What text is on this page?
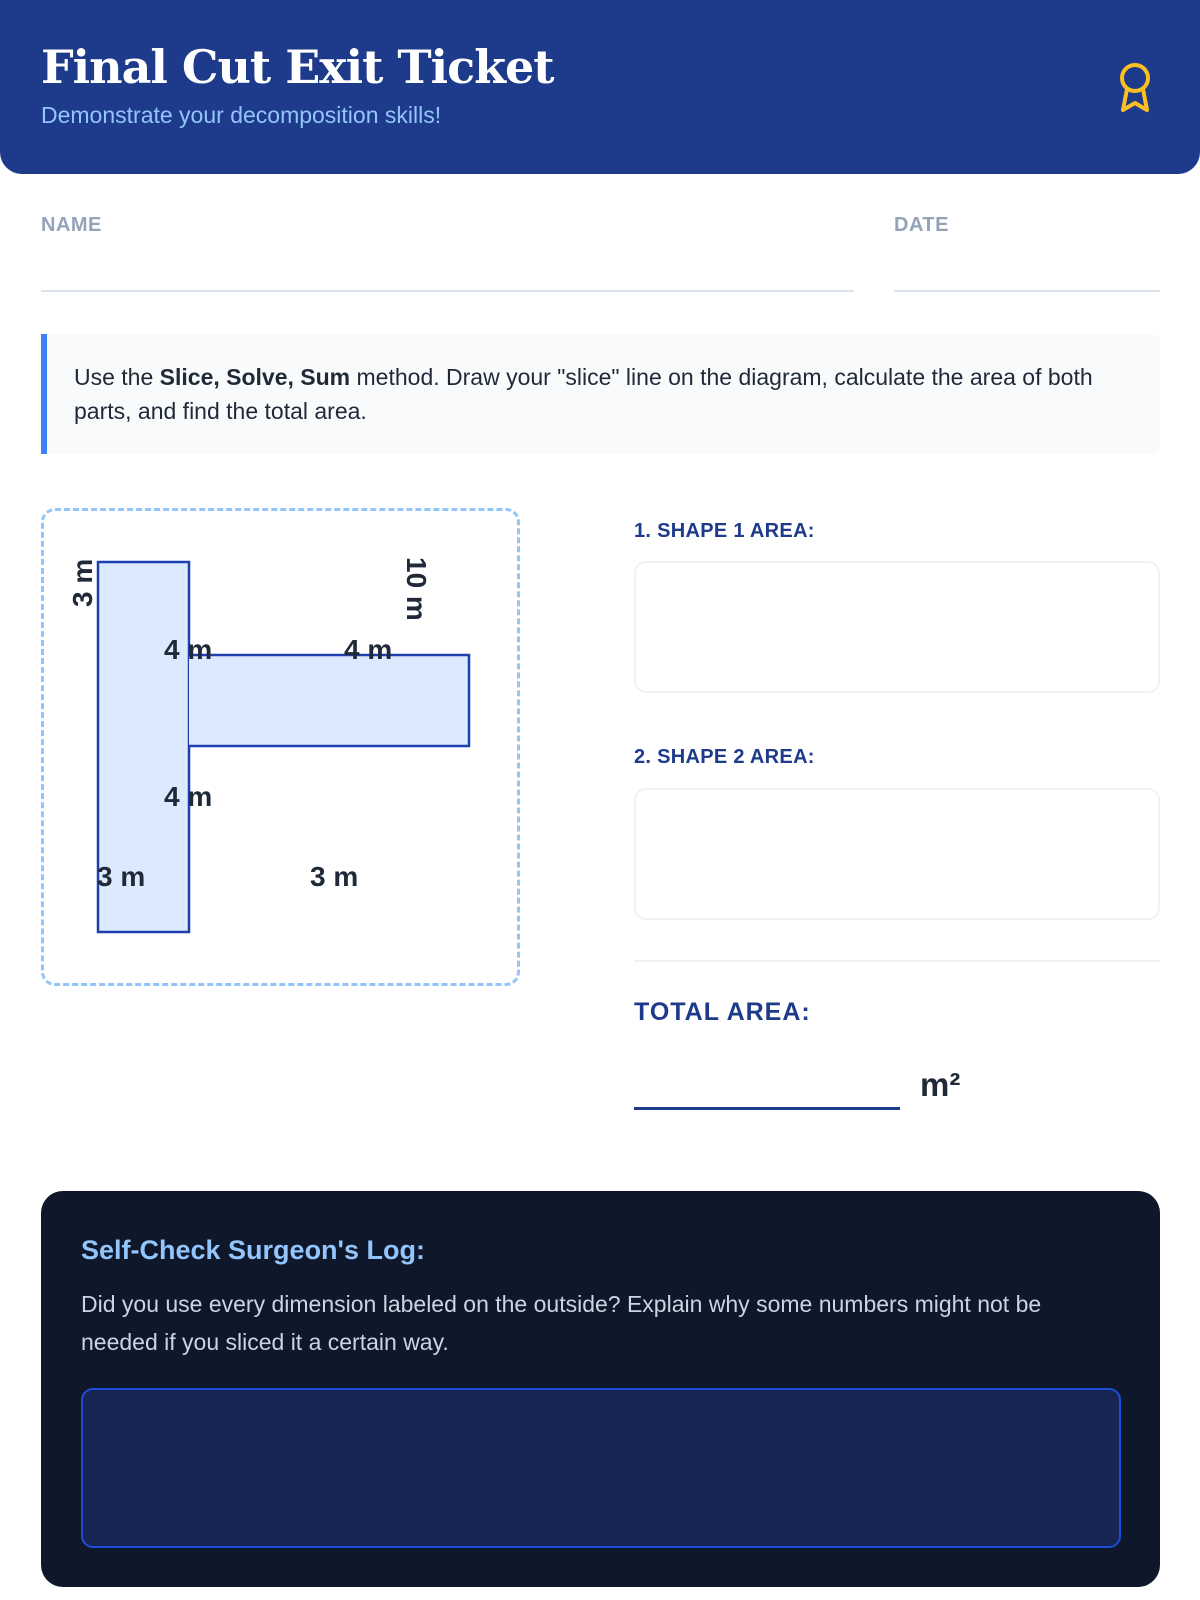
Final Cut Exit Ticket
Demonstrate your decomposition skills!
NAME	DATE
Use the Slice, Solve, Sum method. Draw your "slice" line on the diagram, calculate the area of both parts, and find the total area.
3 m	10 m
4 m	4 m
4 m
3 m	3 m
1. SHAPE 1 AREA:
2. SHAPE 2 AREA:
TOTAL AREA:
m²
Self-Check Surgeon's Log:
Did you use every dimension labeled on the outside? Explain why some numbers might not be needed if you sliced it a certain way.
